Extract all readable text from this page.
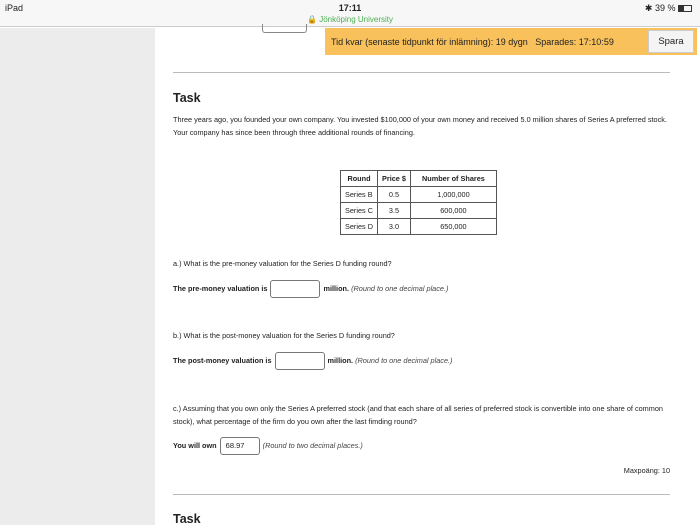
iPad	17:11
🔒 Jönköping University
✱ 39 %
Tid kvar (senaste tidpunkt för inlämning): 19 dygn   Sparades: 17:10:59	Spara
Task
Three years ago, you founded your own company. You invested $100,000 of your own money and received 5.0 million shares of Series A preferred stock. Your company has since been through three additional rounds of financing.
Round	Price $	Number of Shares
Series B	0.5	1,000,000
Series C	3.5	600,000
Series D	3.0	650,000
a.) What is the pre-money valuation for the Series D funding round?
The pre-money valuation is	million. (Round to one decimal place.)
b.) What is the post-money valuation for the Series D funding round?
The post-money valuation is	million. (Round to one decimal place.)
c.) Assuming that you own only the Series A preferred stock (and that each share of all series of preferred stock is convertible into one share of common stock), what percentage of the firm do you own after the last fimding round?
You will own 68.97 (Round to two decimal places.)
Maxpoäng: 10
Task
